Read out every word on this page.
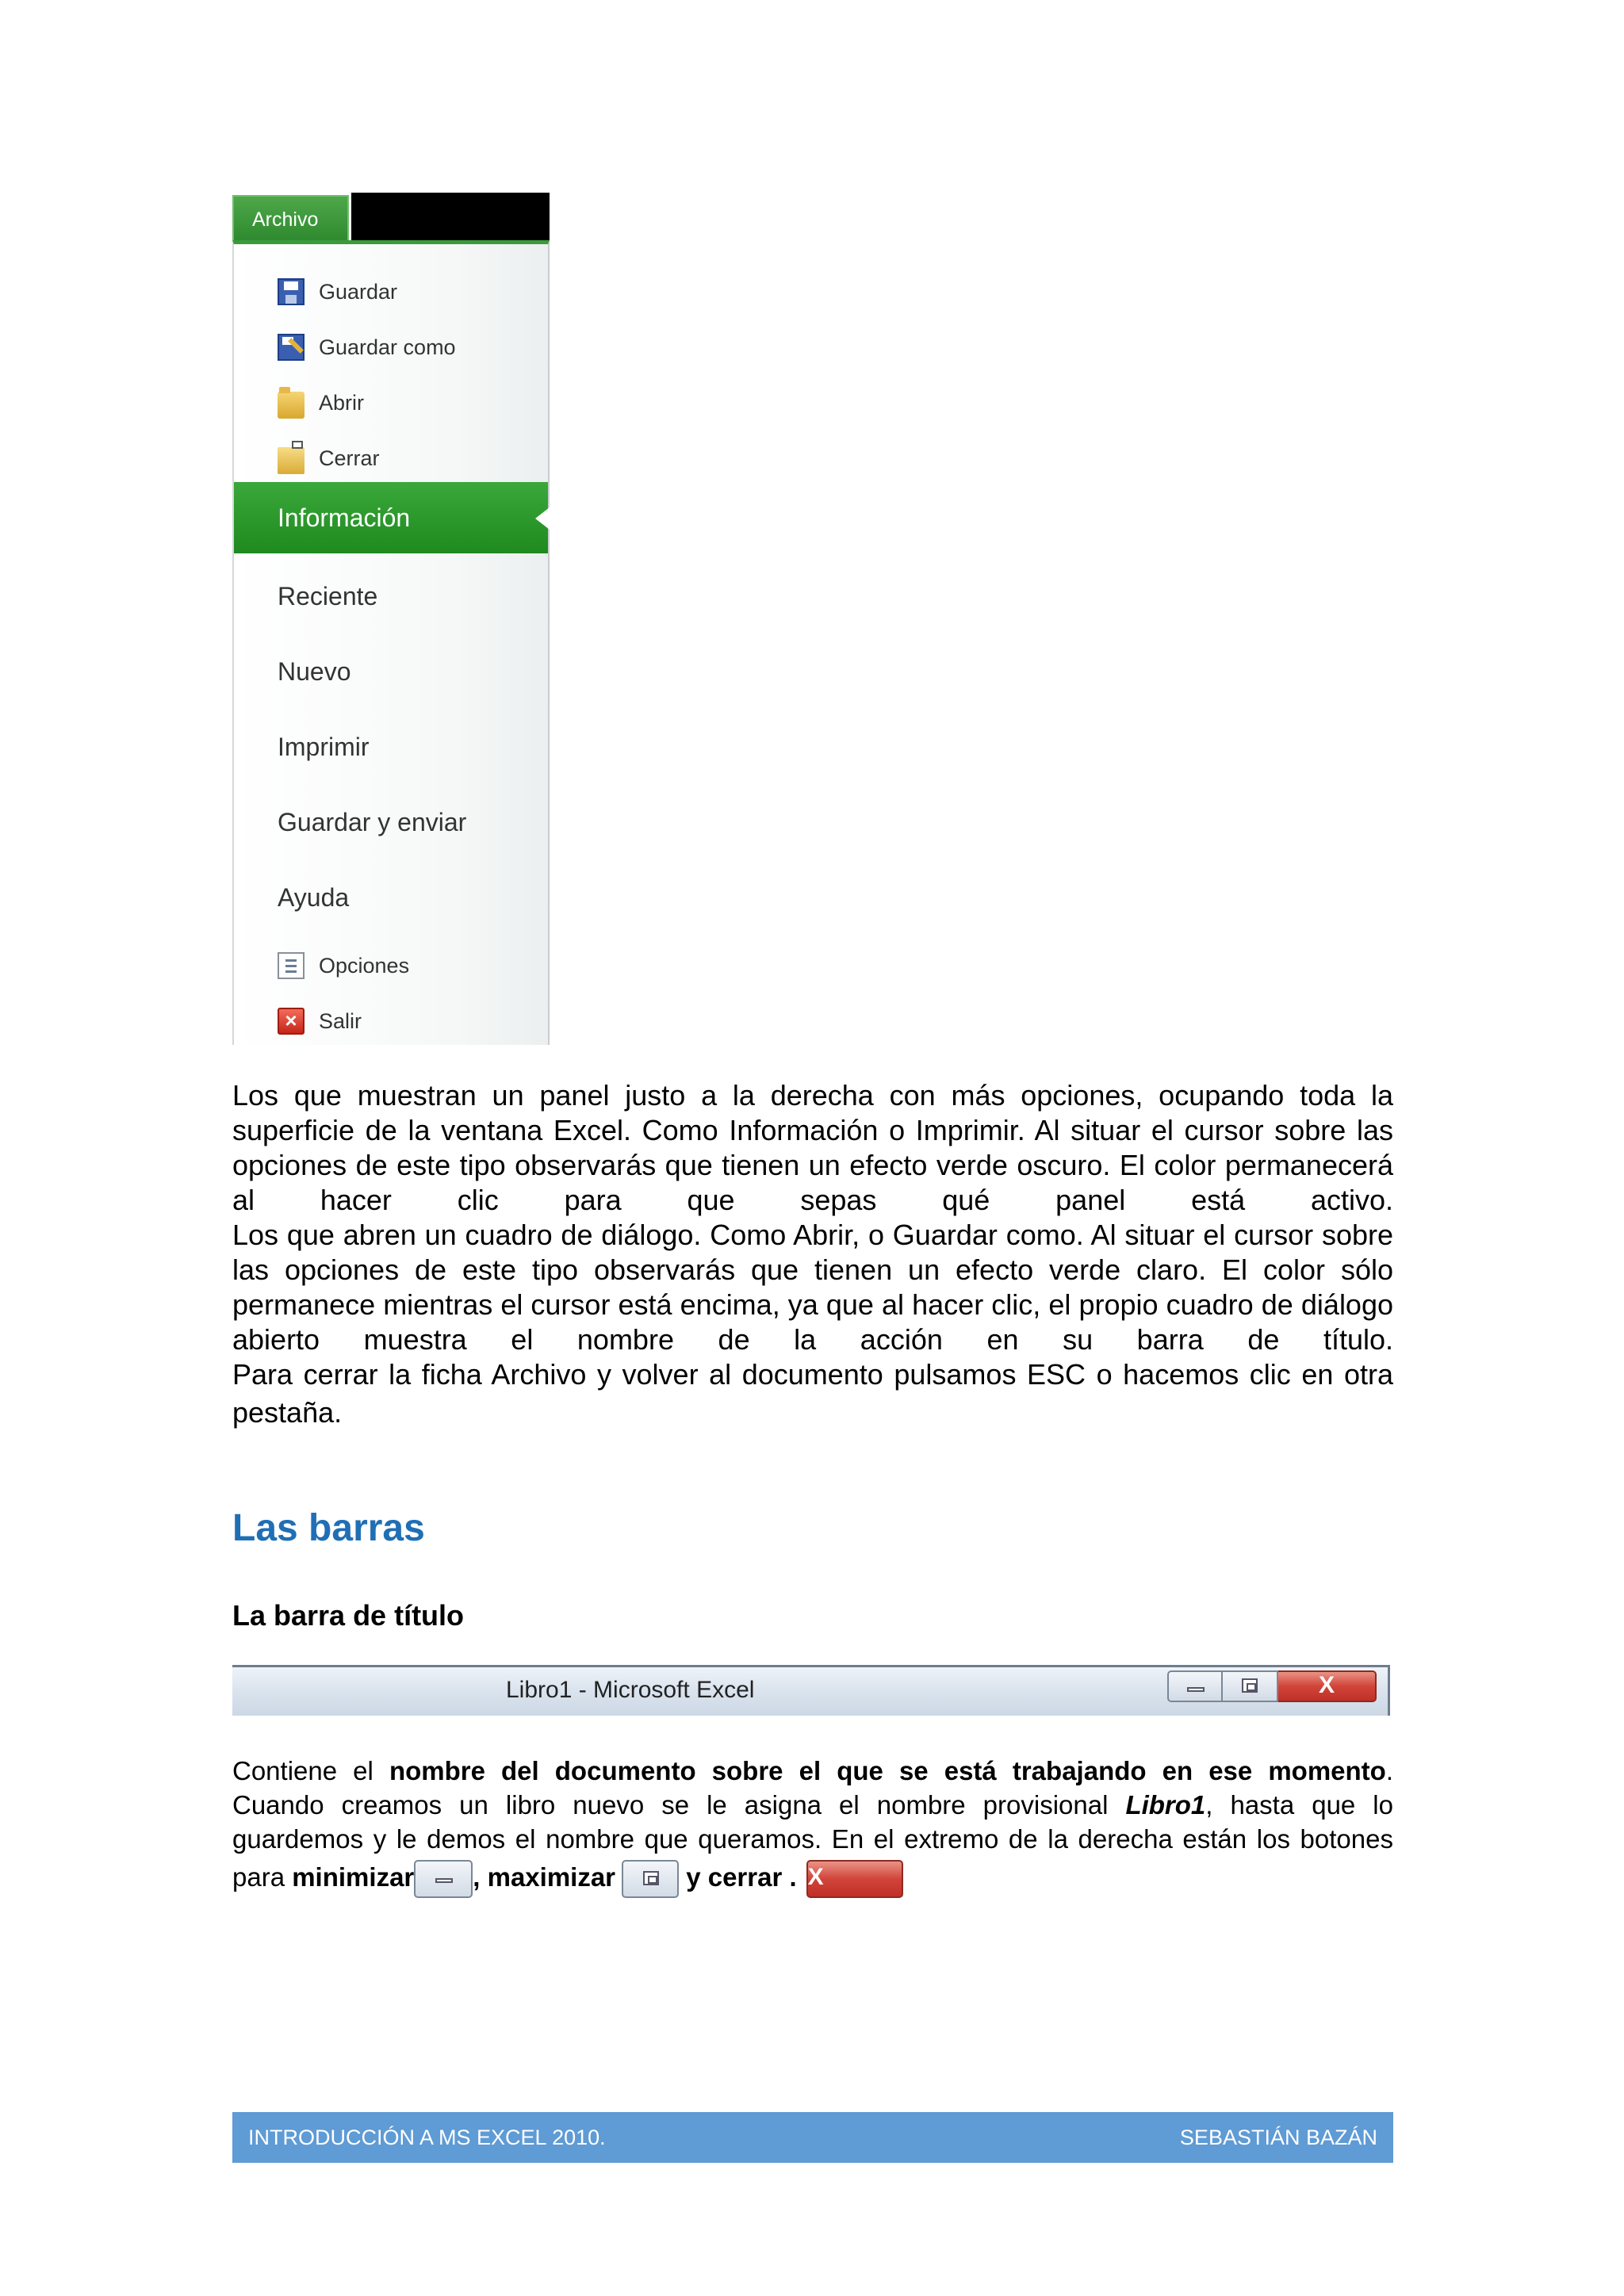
Archivo
Guardar
Guardar como
Abrir
Cerrar
Información
Reciente
Nuevo
Imprimir
Guardar y enviar
Ayuda
Opciones
×	Salir

Los que muestran un panel justo a la derecha con más opciones, ocupando toda la superficie de la ventana Excel. Como Información o Imprimir. Al situar el cursor sobre las opciones de este tipo observarás que tienen un efecto verde oscuro. El color permanecerá al hacer clic para que sepas qué panel está activo.

Los que abren un cuadro de diálogo. Como Abrir, o Guardar como. Al situar el cursor sobre las opciones de este tipo observarás que tienen un efecto verde claro. El color sólo permanece mientras el cursor está encima, ya que al hacer clic, el propio cuadro de diálogo abierto muestra el nombre de la acción en su barra de título.

Para cerrar la ficha Archivo y volver al documento pulsamos ESC o hacemos clic en otra

pestaña.

Las barras
La barra de título
Libro1 - Microsoft Excel	X

Contiene el nombre del documento sobre el que se está trabajando en ese momento.

Cuando creamos un libro nuevo se le asigna el nombre provisional Libro1, hasta que lo

guardemos y le demos el nombre que queramos. En el extremo de la derecha están los botones

para minimizar , maximizar
y cerrar . X

INTRODUCCIÓN A MS EXCEL 2010.	SEBASTIÁN BAZÁN
